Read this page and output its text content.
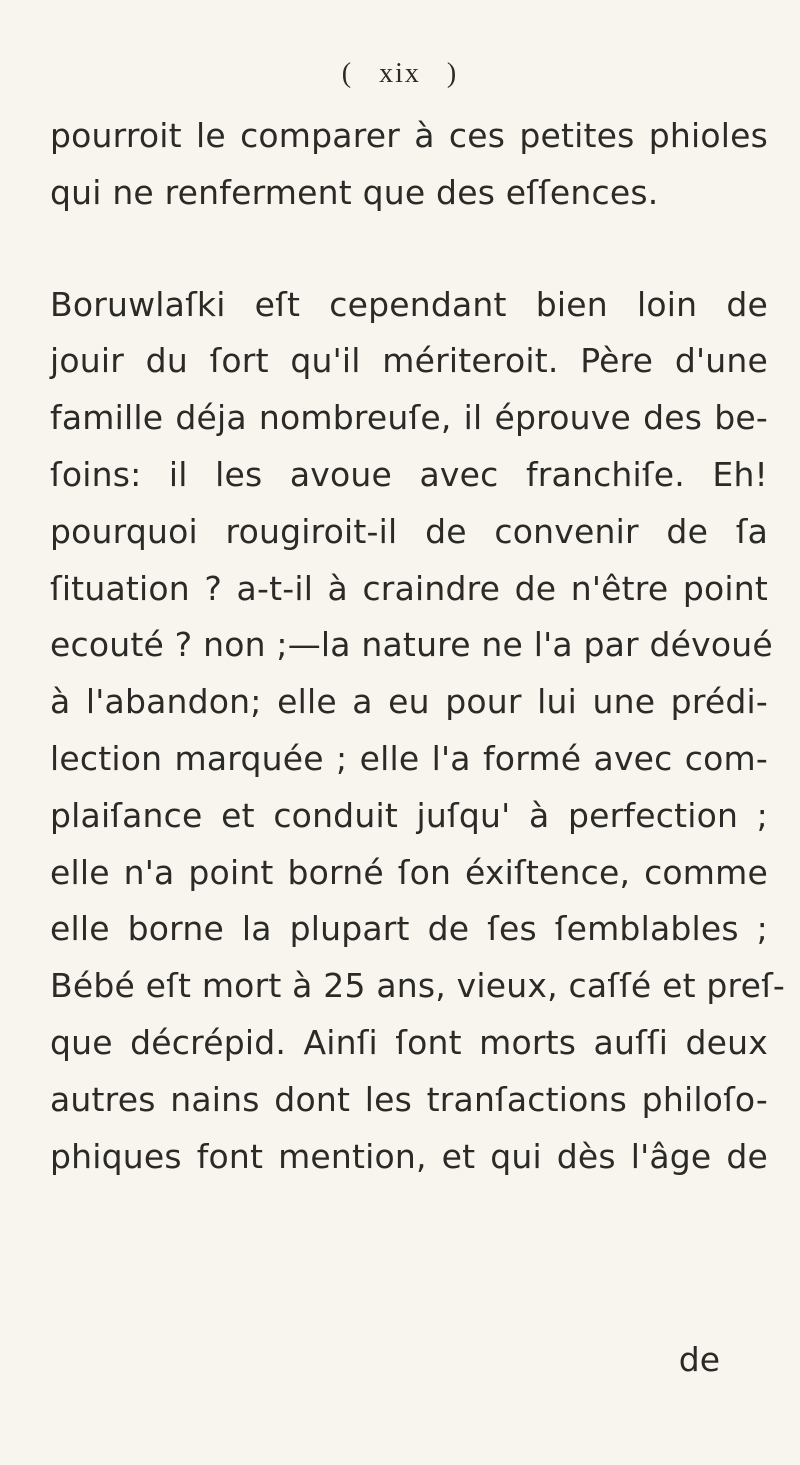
( xix )
pourroit le comparer à ces petites phioles
qui ne renferment que des eſſences.
Boruwlaſki eſt cependant bien loin de
jouir du ſort qu'il mériteroit. Père d'une
famille déja nombreuſe, il éprouve des be-
ſoins: il les avoue avec franchiſe. Eh!
pourquoi rougiroit-il de convenir de ſa
ſituation ? a-t-il à craindre de n'être point
ecouté ? non ;—la nature ne l'a par dévoué
à l'abandon; elle a eu pour lui une prédi-
lection marquée ; elle l'a formé avec com-
plaiſance et conduit juſqu' à perfection ;
elle n'a point borné ſon éxiſtence, comme
elle borne la plupart de ſes ſemblables ;
Bébé eſt mort à 25 ans, vieux, caſſé et preſ-
que décrépid. Ainſi ſont morts auſſi deux
autres nains dont les tranſactions philoſo-
phiques font mention, et qui dès l'âge de
de
